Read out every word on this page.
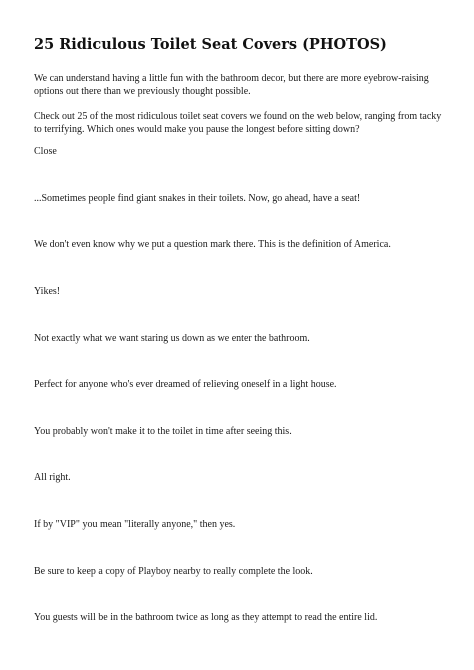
25 Ridiculous Toilet Seat Covers (PHOTOS)

We can understand having a little fun with the bathroom decor, but there are more eyebrow-raising options out there than we previously thought possible.

Check out 25 of the most ridiculous toilet seat covers we found on the web below, ranging from tacky to terrifying. Which ones would make you pause the longest before sitting down?

Close

...Sometimes people find giant snakes in their toilets. Now, go ahead, have a seat!

We don't even know why we put a question mark there. This is the definition of America.

Yikes!

Not exactly what we want staring us down as we enter the bathroom.

Perfect for anyone who's ever dreamed of relieving oneself in a light house.

You probably won't make it to the toilet in time after seeing this.

All right.

If by "VIP" you mean "literally anyone," then yes.

Be sure to keep a copy of Playboy nearby to really complete the look.

You guests will be in the bathroom twice as long as they attempt to read the entire lid.
